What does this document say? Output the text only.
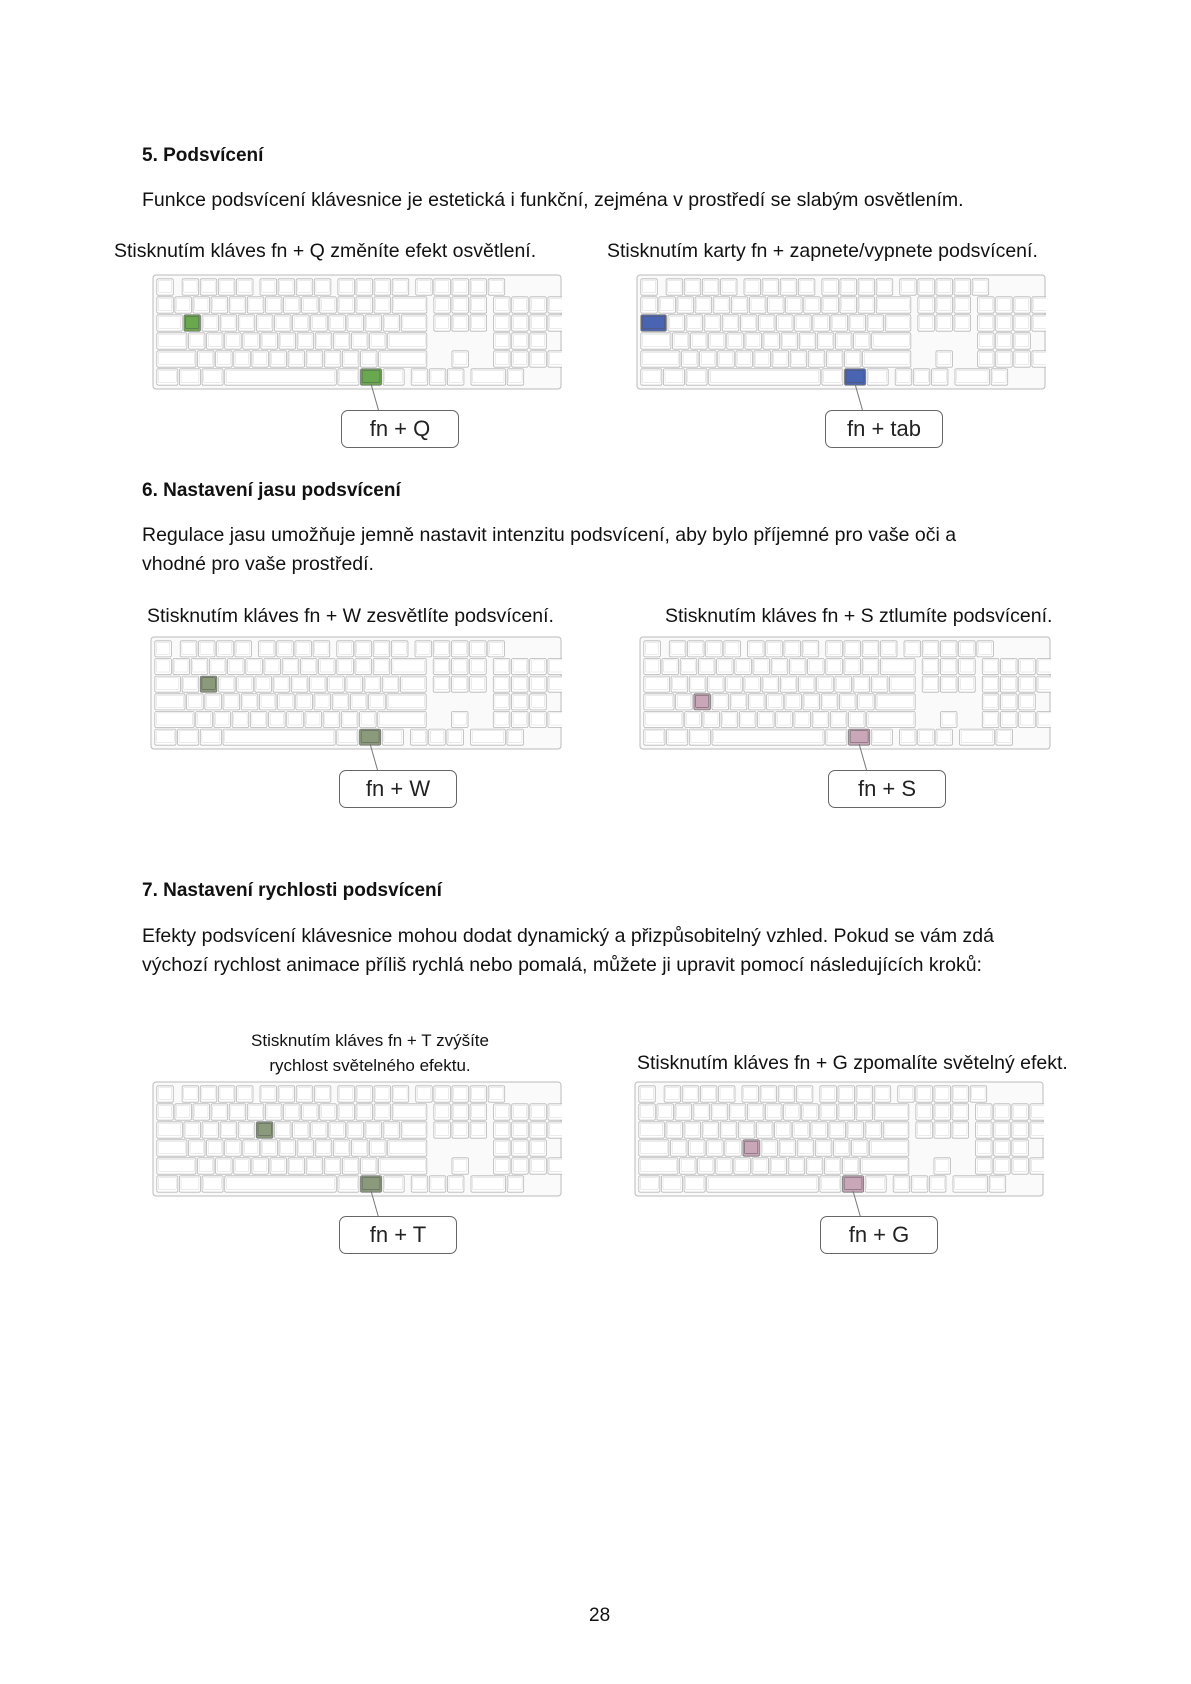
5. Podsvícení
Funkce podsvícení klávesnice je estetická i funkční, zejména v prostředí se slabým osvětlením.
Stisknutím kláves fn + Q změníte efekt osvětlení.	Stisknutím karty fn + zapnete/vypnete podsvícení.
fn + Q	fn + tab
6. Nastavení jasu podsvícení
Regulace jasu umožňuje jemně nastavit intenzitu podsvícení, aby bylo příjemné pro vaše oči a
vhodné pro vaše prostředí.
Stisknutím kláves fn + W zesvětlíte podsvícení.	Stisknutím kláves fn + S ztlumíte podsvícení.
fn + W	fn + S
7. Nastavení rychlosti podsvícení
Efekty podsvícení klávesnice mohou dodat dynamický a přizpůsobitelný vzhled. Pokud se vám zdá
výchozí rychlost animace příliš rychlá nebo pomalá, můžete ji upravit pomocí následujících kroků:
Stisknutím kláves fn + T zvýšíte
rychlost světelného efektu.	Stisknutím kláves fn + G zpomalíte světelný efekt.
fn + T	fn + G
28
